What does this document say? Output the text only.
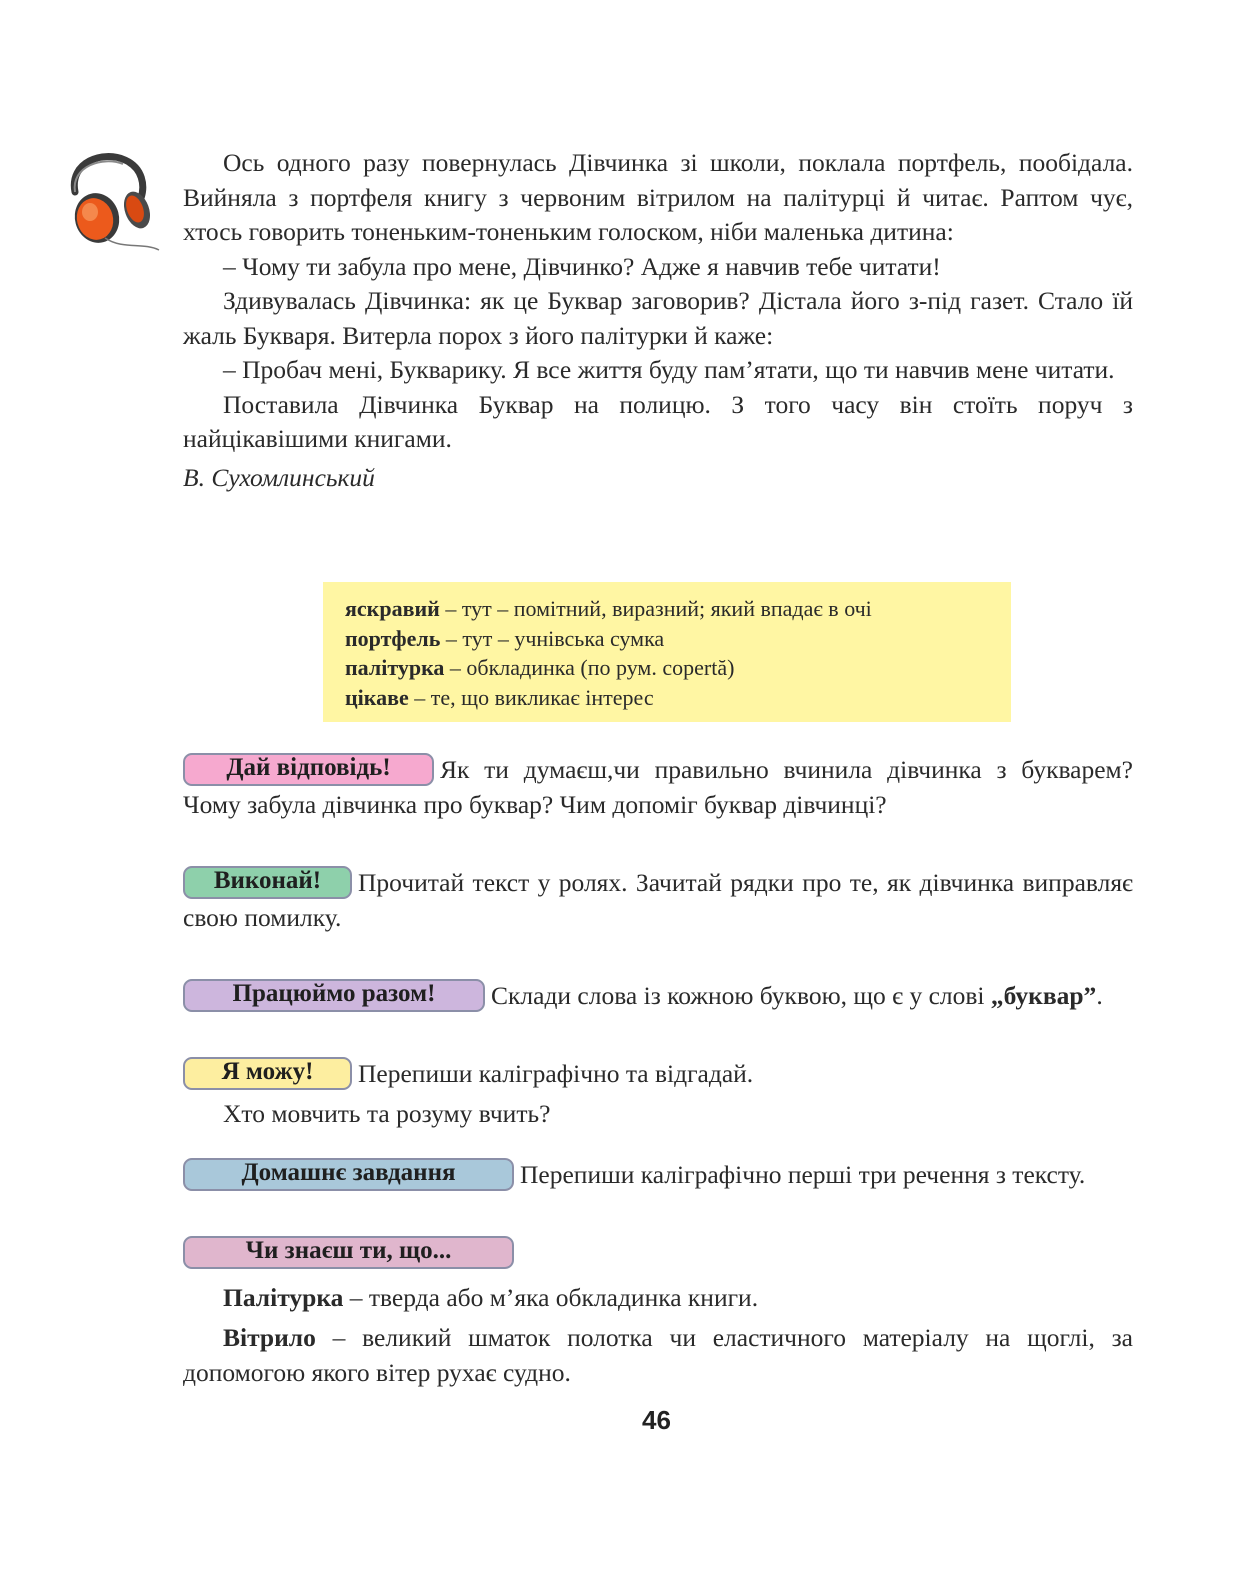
Ось одного разу повернулась Дівчинка зі школи, поклала портфель, пообідала. Вийняла з портфеля книгу з червоним вітрилом на палітурці й читає. Раптом чує, хтось говорить тоненьким-тоненьким голоском, ніби маленька дитина:

– Чому ти забула про мене, Дівчинко? Адже я навчив тебе читати!

Здивувалась Дівчинка: як це Буквар заговорив? Дістала його з-під газет. Стало їй жаль Букваря. Витерла порох з його палітурки й каже:

– Пробач мені, Букварику. Я все життя буду пам’ятати, що ти навчив мене читати.

Поставила Дівчинка Буквар на полицю. З того часу він стоїть поруч з найцікавішими книгами.

В. Сухомлинський

яскравий – тут – помітний, виразний; який впадає в очі
портфель – тут – учнівська сумка
палітурка – обкладинка (по рум. copertă)
цікаве – те, що викликає інтерес

Дай відповідь! Як ти думаєш,чи правильно вчинила дівчинка з букварем? Чому забула дівчинка про буквар? Чим допоміг буквар дівчинці?

Виконай! Прочитай текст у ролях. Зачитай рядки про те, як дівчинка виправляє свою помилку.

Працюймо разом! Склади слова із кожною буквою, що є у слові „буквар”.

Я можу! Перепиши каліграфічно та відгадай.

Хто мовчить та розуму вчить?

Домашнє завдання	Перепиши каліграфічно перші три речення з тексту.

Чи знаєш ти, що...

Палітурка – тверда або м’яка обкладинка книги.

Вітрило – великий шматок полотка чи еластичного матеріалу на щоглі, за допомогою якого вітер рухає судно.

46
